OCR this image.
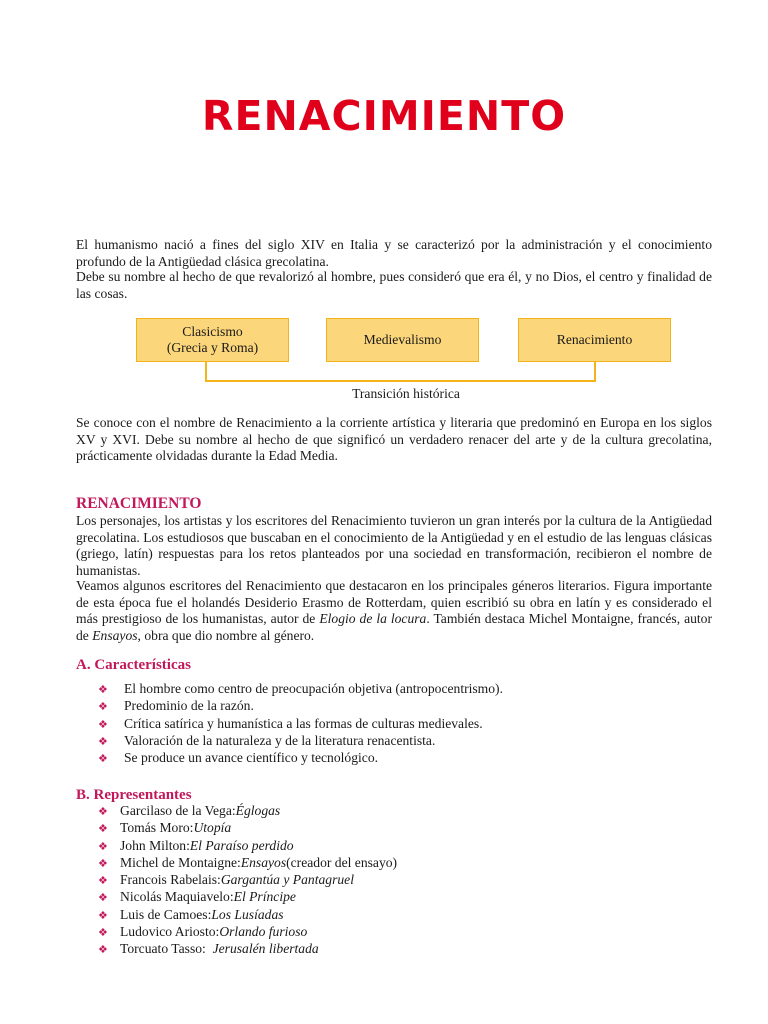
RENACIMIENTO

El humanismo nació a fines del siglo XIV en Italia y se caracterizó por la administración y el conocimiento profundo de la Antigüedad clásica grecolatina.

Debe su nombre al hecho de que revalorizó al hombre, pues consideró que era él, y no Dios, el centro y finalidad de las cosas.

Clasicismo
(Grecia y Roma)
Medievalismo	Renacimiento
Transición histórica

Se conoce con el nombre de Renacimiento a la corriente artística y literaria que predominó en Europa en los siglos XV y XVI. Debe su nombre al hecho de que significó un verdadero renacer del arte y de la cultura grecolatina, prácticamente olvidadas durante la Edad Media.

RENACIMIENTO

Los personajes, los artistas y los escritores del Renacimiento tuvieron un gran interés por la cultura de la Antigüedad grecolatina. Los estudiosos que buscaban en el conocimiento de la Antigüedad y en el estudio de las lenguas clásicas (griego, latín) respuestas para los retos planteados por una sociedad en transformación, recibieron el nombre de humanistas.

Veamos algunos escritores del Renacimiento que destacaron en los principales géneros literarios. Figura importante de esta época fue el holandés Desiderio Erasmo de Rotterdam, quien escribió su obra en latín y es considerado el más prestigioso de los humanistas, autor de Elogio de la locura. También destaca Michel Montaigne, francés, autor de Ensayos, obra que dio nombre al género.

A. Características
❖	El hombre como centro de preocupación objetiva (antropocentrismo).
❖	Predominio de la razón.
❖	Crítica satírica y humanística a las formas de culturas medievales.
❖	Valoración de la naturaleza y de la literatura renacentista.
❖	Se produce un avance científico y tecnológico.
B. Representantes
❖ Garcilaso de la Vega: Églogas
❖ Tomás Moro: Utopía
❖ John Milton: El Paraíso perdido
❖ Michel de Montaigne: Ensayos (creador del ensayo)
❖ Francois Rabelais: Gargantúa y Pantagruel
❖ Nicolás Maquiavelo: El Príncipe
❖ Luis de Camoes: Los Lusíadas
❖ Ludovico Ariosto: Orlando furioso
❖ Torcuato Tasso: Jerusalén libertada
